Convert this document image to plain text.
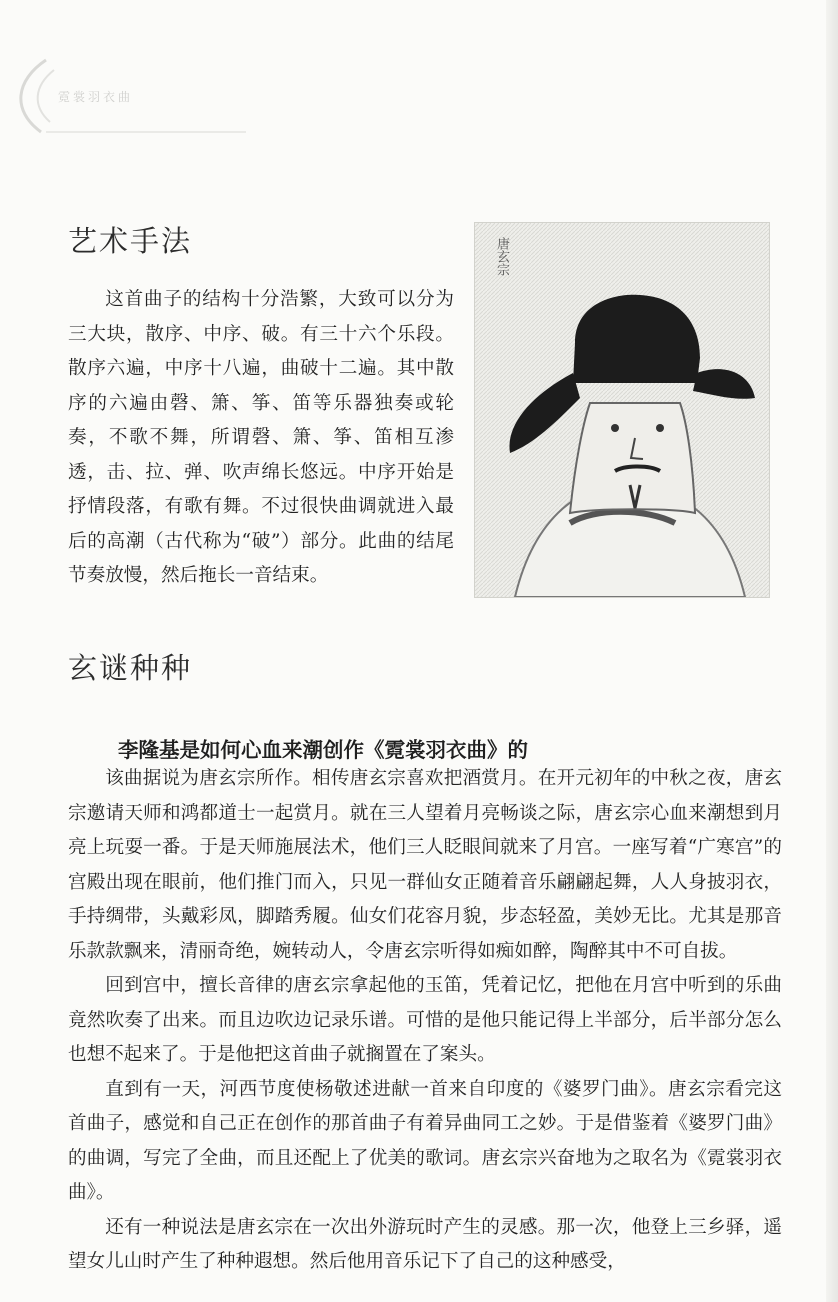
霓裳羽衣曲
艺术手法

这首曲子的结构十分浩繁，大致可以分为三大块，散序、中序、破。有三十六个乐段。散序六遍，中序十八遍，曲破十二遍。其中散序的六遍由磬、箫、筝、笛等乐器独奏或轮奏，不歌不舞，所谓磬、箫、筝、笛相互渗透，击、拉、弹、吹声绵长悠远。中序开始是抒情段落，有歌有舞。不过很快曲调就进入最后的高潮（古代称为“破”）部分。此曲的结尾节奏放慢，然后拖长一音结束。

唐玄宗
玄谜种种
李隆基是如何心血来潮创作《霓裳羽衣曲》的

该曲据说为唐玄宗所作。相传唐玄宗喜欢把酒赏月。在开元初年的中秋之夜，唐玄宗邀请天师和鸿都道士一起赏月。就在三人望着月亮畅谈之际，唐玄宗心血来潮想到月亮上玩耍一番。于是天师施展法术，他们三人眨眼间就来了月宫。一座写着“广寒宫”的宫殿出现在眼前，他们推门而入，只见一群仙女正随着音乐翩翩起舞，人人身披羽衣，手持绸带，头戴彩凤，脚踏秀履。仙女们花容月貌，步态轻盈，美妙无比。尤其是那音乐款款飘来，清丽奇绝，婉转动人，令唐玄宗听得如痴如醉，陶醉其中不可自拔。

回到宫中，擅长音律的唐玄宗拿起他的玉笛，凭着记忆，把他在月宫中听到的乐曲竟然吹奏了出来。而且边吹边记录乐谱。可惜的是他只能记得上半部分，后半部分怎么也想不起来了。于是他把这首曲子就搁置在了案头。

直到有一天，河西节度使杨敬述进献一首来自印度的《婆罗门曲》。唐玄宗看完这首曲子，感觉和自己正在创作的那首曲子有着异曲同工之妙。于是借鉴着《婆罗门曲》的曲调，写完了全曲，而且还配上了优美的歌词。唐玄宗兴奋地为之取名为《霓裳羽衣曲》。

还有一种说法是唐玄宗在一次出外游玩时产生的灵感。那一次，他登上三乡驿，遥望女儿山时产生了种种遐想。然后他用音乐记下了自己的这种感受，
